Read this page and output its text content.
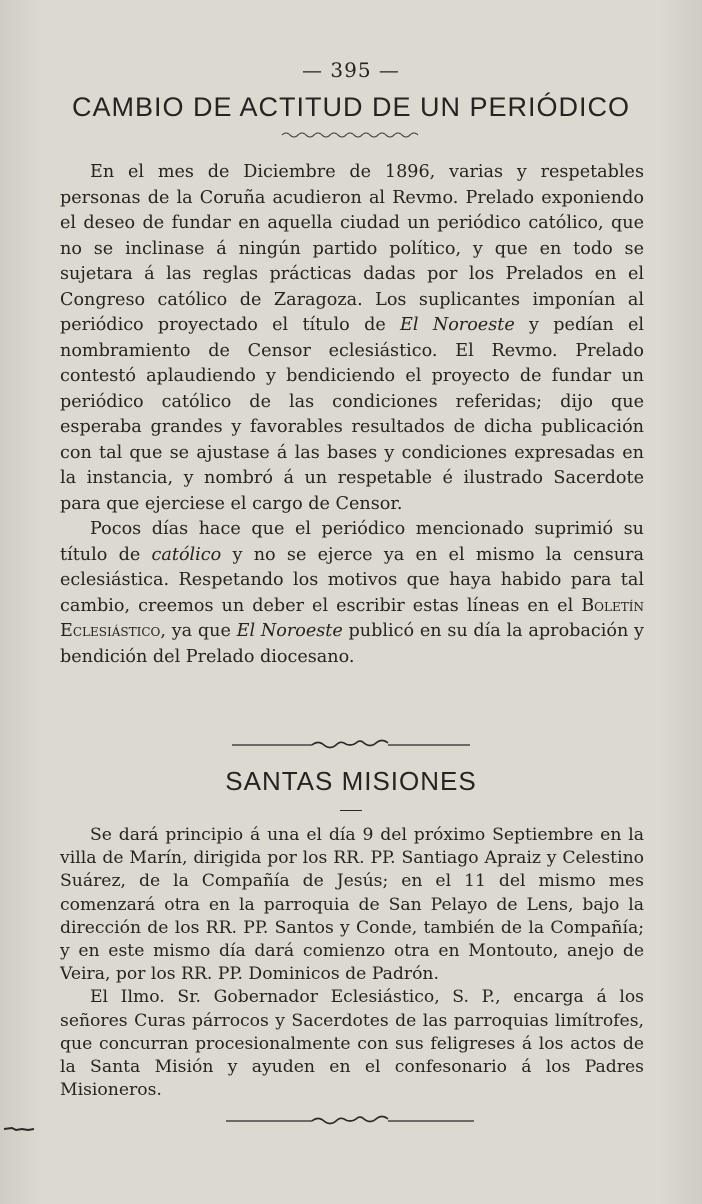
— 395 —
CAMBIO DE ACTITUD DE UN PERIÓDICO

En el mes de Diciembre de 1896, varias y respetables personas de la Coruña acudieron al Revmo. Prelado exponiendo el deseo de fundar en aquella ciudad un periódico católico, que no se inclinase á ningún partido político, y que en todo se sujetara á las reglas prácticas dadas por los Prelados en el Congreso católico de Zaragoza. Los suplicantes imponían al periódico proyectado el título de El Noroeste y pedían el nombramiento de Censor eclesiástico. El Revmo. Prelado contestó aplaudiendo y bendiciendo el proyecto de fundar un periódico católico de las condiciones referidas; dijo que esperaba grandes y favorables resultados de dicha publicación con tal que se ajustase á las bases y condiciones expresadas en la instancia, y nombró á un respetable é ilustrado Sacerdote para que ejerciese el cargo de Censor.

Pocos días hace que el periódico mencionado suprimió su título de católico y no se ejerce ya en el mismo la censura eclesiástica. Respetando los motivos que haya habido para tal cambio, creemos un deber el escribir estas líneas en el Boletín Eclesiástico, ya que El Noroeste publicó en su día la aprobación y bendición del Prelado diocesano.

SANTAS MISIONES

Se dará principio á una el día 9 del próximo Septiembre en la villa de Marín, dirigida por los RR. PP. Santiago Apraiz y Celestino Suárez, de la Compañía de Jesús; en el 11 del mismo mes comenzará otra en la parroquia de San Pelayo de Lens, bajo la dirección de los RR. PP. Santos y Conde, también de la Compañía; y en este mismo día dará comienzo otra en Montouto, anejo de Veira, por los RR. PP. Dominicos de Padrón.

El Ilmo. Sr. Gobernador Eclesiástico, S. P., encarga á los señores Curas párrocos y Sacerdotes de las parroquias limítrofes, que concurran procesionalmente con sus feligreses á los actos de la Santa Misión y ayuden en el confesonario á los Padres Misioneros.
